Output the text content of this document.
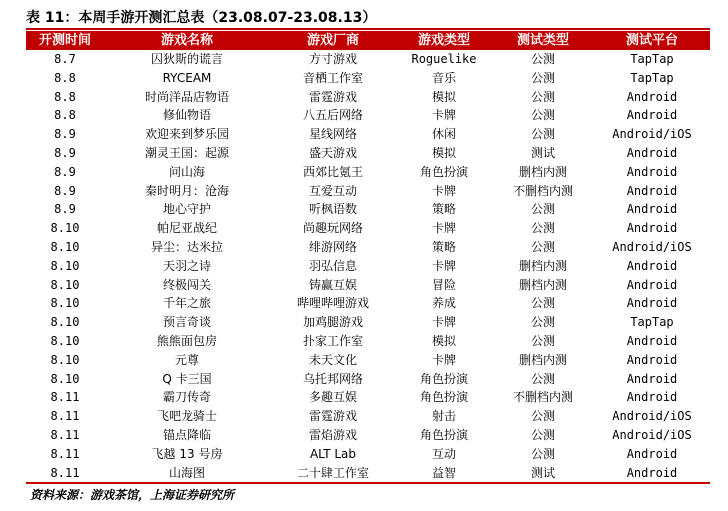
表 11：本周手游开测汇总表（23.08.07-23.08.13）
开测时间	游戏名称	游戏厂商	游戏类型	测试类型	测试平台
8.7	囚狄斯的谎言	方寸游戏	Roguelike	公测	TapTap
8.8	RYCEAM	音栖工作室	音乐	公测	TapTap
8.8	时尚洋品店物语	雷霆游戏	模拟	公测	Android
8.8	修仙物语	八五后网络	卡牌	公测	Android
8.9	欢迎来到梦乐园	星线网络	休闲	公测	Android/iOS
8.9	潮灵王国：起源	盛天游戏	模拟	测试	Android
8.9	问山海	西郊比氪王	角色扮演	删档内测	Android
8.9	秦时明月：沧海	互爱互动	卡牌	不删档内测	Android
8.9	地心守护	听枫语数	策略	公测	Android
8.10	帕尼亚战纪	尚趣玩网络	卡牌	公测	Android
8.10	异尘：达米拉	绯游网络	策略	公测	Android/iOS
8.10	天羽之诗	羽弘信息	卡牌	删档内测	Android
8.10	终极闯关	铸赢互娱	冒险	删档内测	Android
8.10	千年之旅	哔哩哔哩游戏	养成	公测	Android
8.10	预言奇谈	加鸡腿游戏	卡牌	公测	TapTap
8.10	熊熊面包房	扑家工作室	模拟	公测	Android
8.10	元尊	未天文化	卡牌	删档内测	Android
8.10	Q 卡三国	乌托邦网络	角色扮演	公测	Android
8.11	霸刀传奇	多趣互娱	角色扮演	不删档内测	Android
8.11	飞吧龙骑士	雷霆游戏	射击	公测	Android/iOS
8.11	锚点降临	雷焰游戏	角色扮演	公测	Android/iOS
8.11	飞越 13 号房	ALT Lab	互动	公测	Android
8.11	山海图	二十肆工作室	益智	测试	Android
资料来源：游戏茶馆，上海证券研究所
